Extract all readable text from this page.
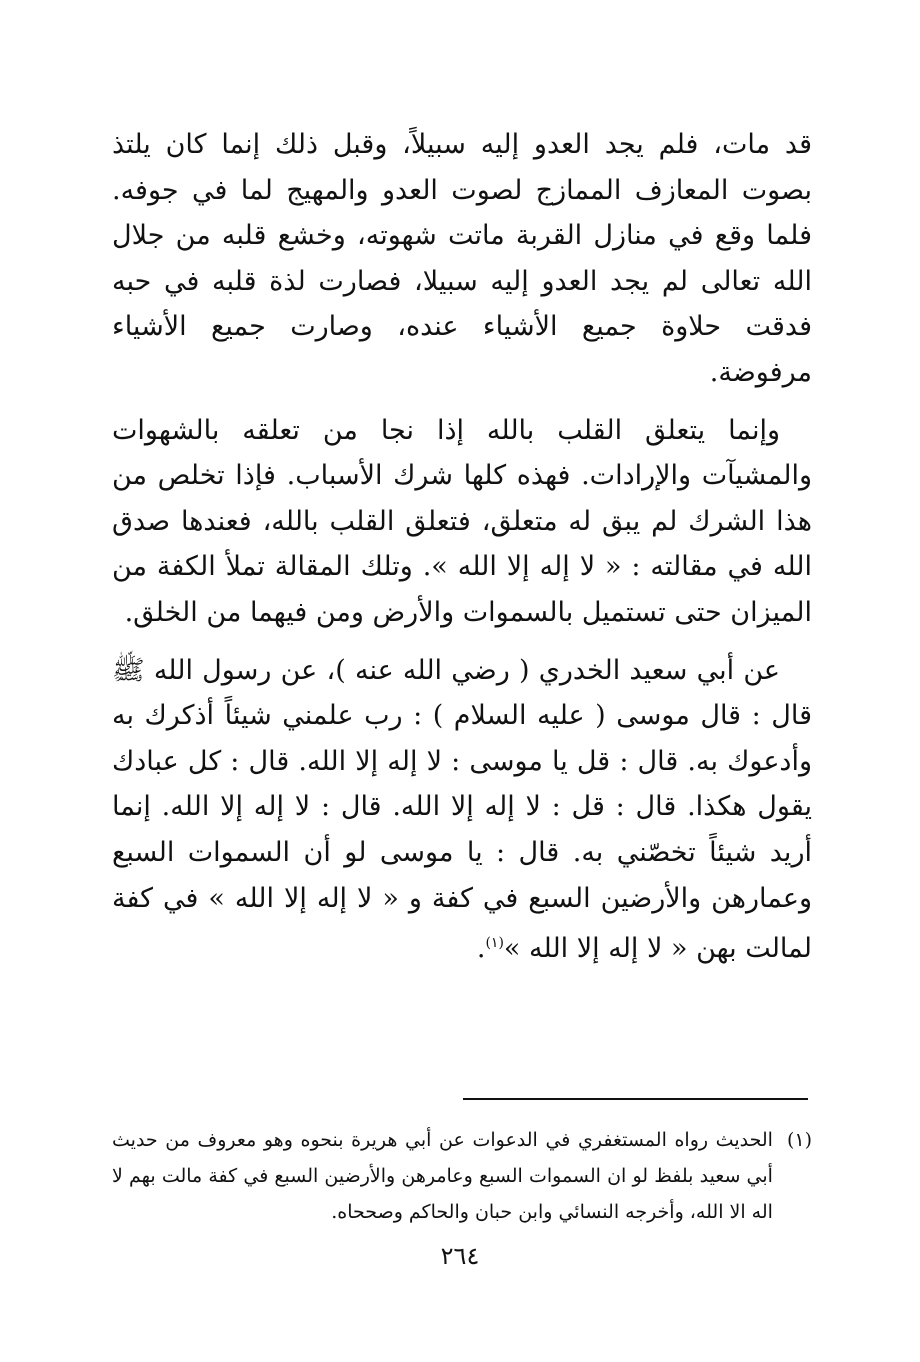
قد مات، فلم يجد العدو إليه سبيلاً، وقبل ذلك إنما كان يلتذ بصوت المعازف الممازج لصوت العدو والمهيج لما في جوفه. فلما وقع في منازل القربة ماتت شهوته، وخشع قلبه من جلال الله تعالى لم يجد العدو إليه سبيلا، فصارت لذة قلبه في حبه فدقت حلاوة جميع الأشياء عنده، وصارت جميع الأشياء مرفوضة.

وإنما يتعلق القلب بالله إذا نجا من تعلقه بالشهوات والمشيآت والإرادات. فهذه كلها شرك الأسباب. فإذا تخلص من هذا الشرك لم يبق له متعلق، فتعلق القلب بالله، فعندها صدق الله في مقالته : « لا إله إلا الله ». وتلك المقالة تملأ الكفة من الميزان حتى تستميل بالسموات والأرض ومن فيهما من الخلق.

عن أبي سعيد الخدري ( رضي الله عنه )، عن رسول الله ﷺ قال : قال موسى ( عليه السلام ) : رب علمني شيئاً أذكرك به وأدعوك به. قال : قل يا موسى : لا إله إلا الله. قال : كل عبادك يقول هكذا. قال : قل : لا إله إلا الله. قال : لا إله إلا الله. إنما أريد شيئاً تخصّني به. قال : يا موسى لو أن السموات السبع وعمارهن والأرضين السبع في كفة و « لا إله إلا الله » في كفة لمالت بهن « لا إله إلا الله »$^{(١)}$.

(١)
الحديث رواه المستغفري في الدعوات عن أبي هريرة بنحوه وهو معروف من حديث أبي سعيد بلفظ لو ان السموات السبع وعامرهن والأرضين السبع في كفة مالت بهم لا اله الا الله، وأخرجه النسائي وابن حبان والحاكم وصححاه.
٢٦٤
